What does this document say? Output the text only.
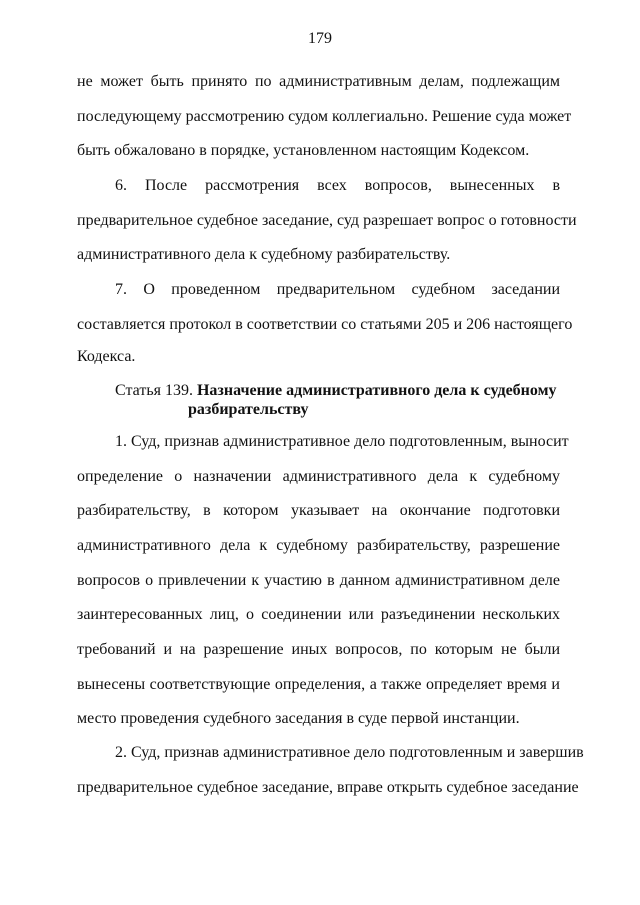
179
не может быть принято по административным делам, подлежащим
последующему рассмотрению судом коллегиально. Решение суда может
быть обжаловано в порядке, установленном настоящим Кодексом.
6. После рассмотрения всех вопросов, вынесенных в
предварительное судебное заседание, суд разрешает вопрос о готовности
административного дела к судебному разбирательству.
7. О проведенном предварительном судебном заседании
составляется протокол в соответствии со статьями 205 и 206 настоящего
Кодекса.
Статья 139. Назначение административного дела к судебному
разбирательству
1. Суд, признав административное дело подготовленным, выносит
определение о назначении административного дела к судебному
разбирательству, в котором указывает на окончание подготовки
административного дела к судебному разбирательству, разрешение
вопросов о привлечении к участию в данном административном деле
заинтересованных лиц, о соединении или разъединении нескольких
требований и на разрешение иных вопросов, по которым не были
вынесены соответствующие определения, а также определяет время и
место проведения судебного заседания в суде первой инстанции.
2. Суд, признав административное дело подготовленным и завершив
предварительное судебное заседание, вправе открыть судебное заседание
